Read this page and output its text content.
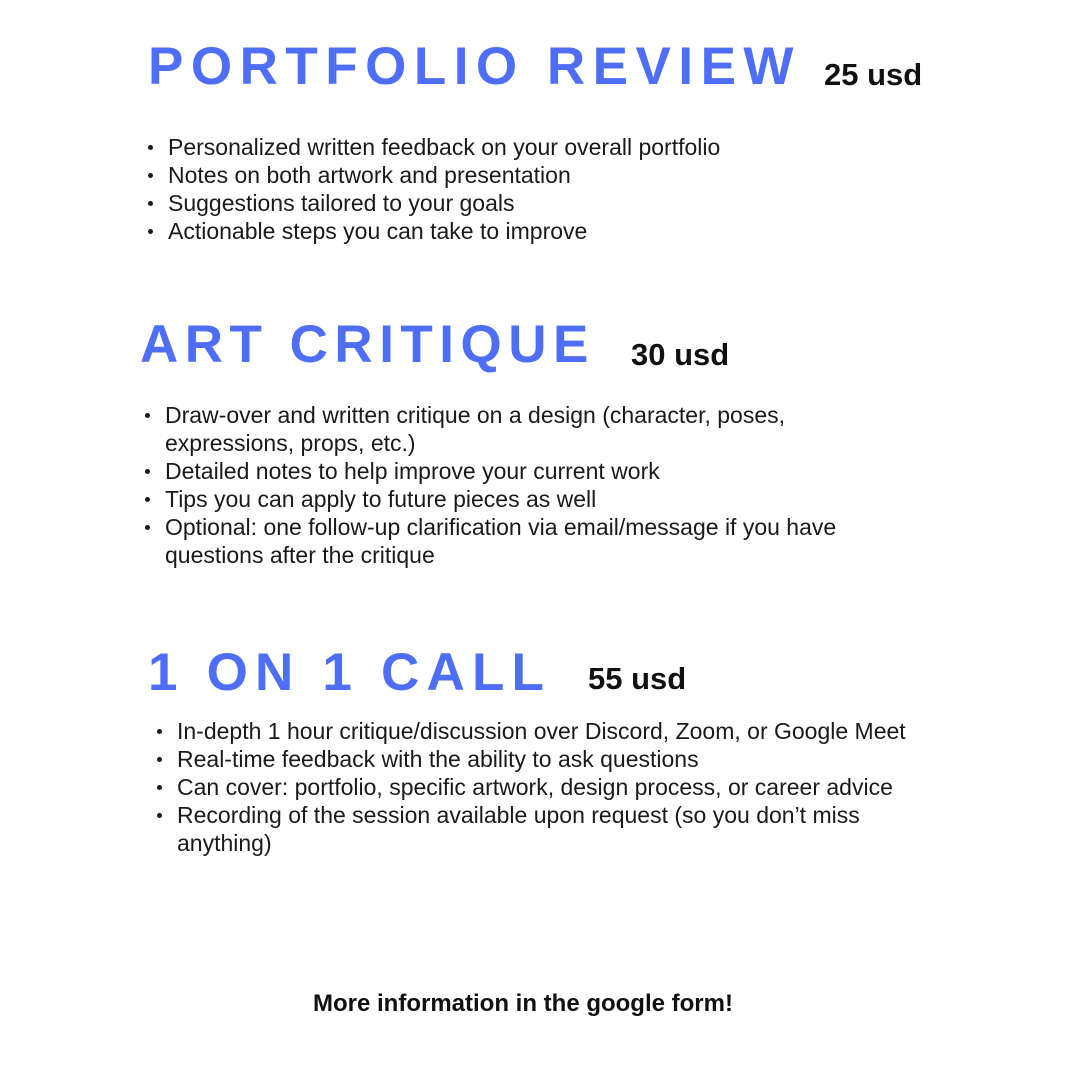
PORTFOLIO REVIEW 25 usd
Personalized written feedback on your overall portfolio
Notes on both artwork and presentation
Suggestions tailored to your goals
Actionable steps you can take to improve
ART CRITIQUE 30 usd
Draw-over and written critique on a design (character, poses, expressions, props, etc.)
Detailed notes to help improve your current work
Tips you can apply to future pieces as well
Optional: one follow-up clarification via email/message if you have questions after the critique
1 ON 1 CALL 55 usd
In-depth 1 hour critique/discussion over Discord, Zoom, or Google Meet
Real-time feedback with the ability to ask questions
Can cover: portfolio, specific artwork, design process, or career advice
Recording of the session available upon request (so you don’t miss anything)
More information in the google form!
